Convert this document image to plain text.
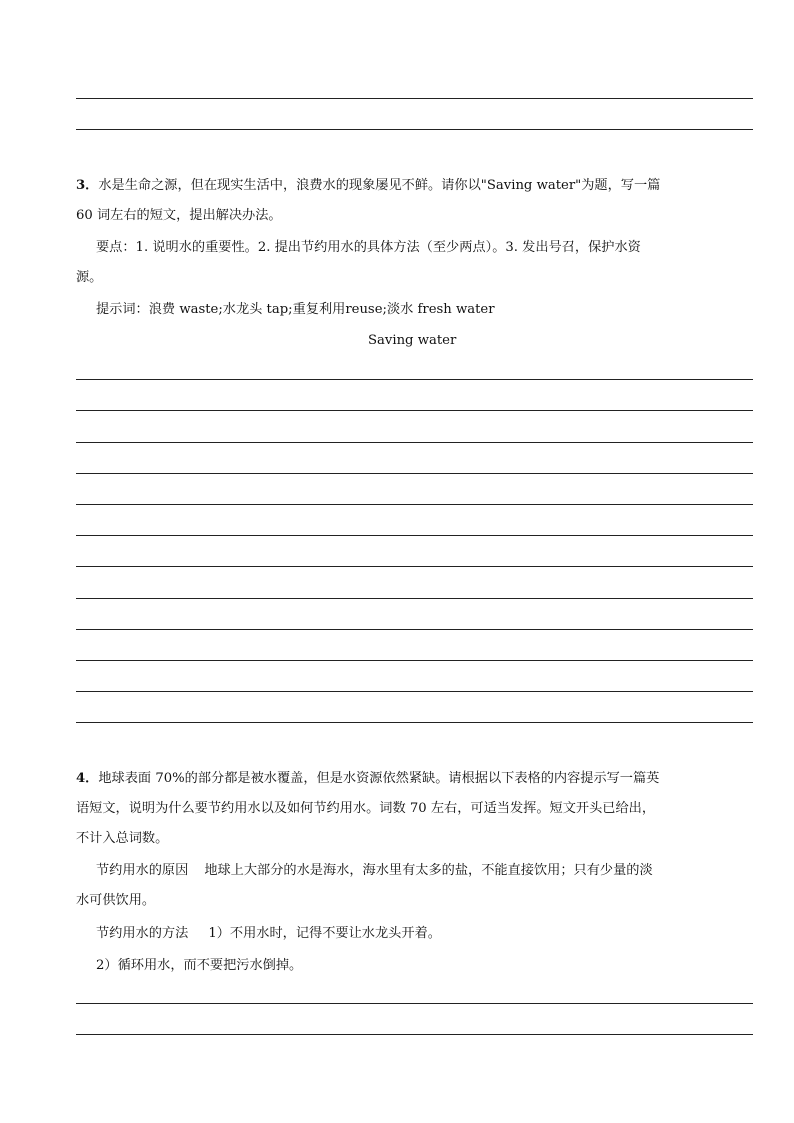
3．水是生命之源，但在现实生活中，浪费水的现象屡见不鲜。请你以"Saving water"为题，写一篇
60 词左右的短文，提出解决办法。
要点：1. 说明水的重要性。2. 提出节约用水的具体方法（至少两点）。3. 发出号召，保护水资
源。
提示词：浪费 waste;水龙头 tap;重复利用reuse;淡水 fresh water
Saving water
4．地球表面 70%的部分都是被水覆盖，但是水资源依然紧缺。请根据以下表格的内容提示写一篇英
语短文，说明为什么要节约用水以及如何节约用水。词数 70 左右，可适当发挥。短文开头已给出，
不计入总词数。
节约用水的原因 地球上大部分的水是海水，海水里有太多的盐，不能直接饮用；只有少量的淡
水可供饮用。
节约用水的方法 1）不用水时，记得不要让水龙头开着。
2）循环用水，而不要把污水倒掉。
